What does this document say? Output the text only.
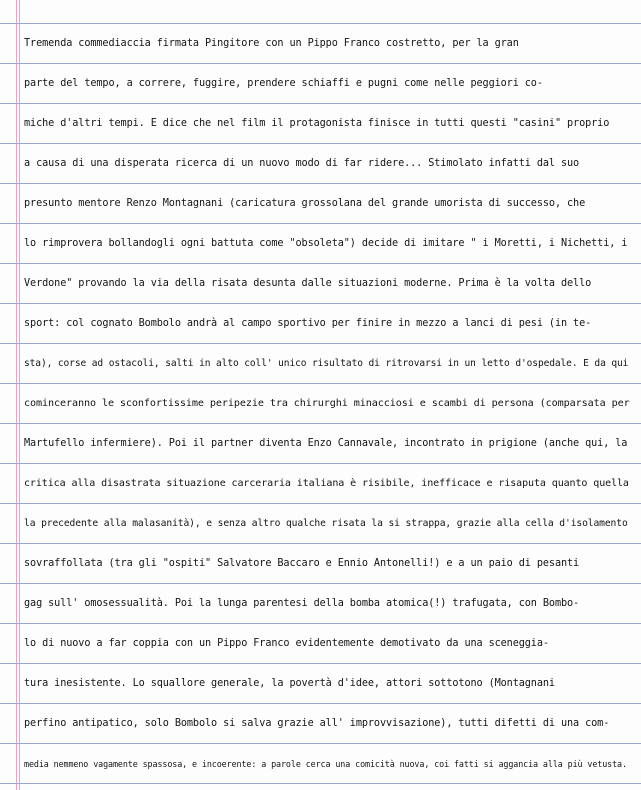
Tremenda commediaccia firmata Pingitore con un Pippo Franco costretto, per la gran
parte del tempo, a correre, fuggire, prendere schiaffi e pugni come nelle peggiori co-
miche d'altri tempi. E dice che nel film il protagonista finisce in tutti questi "casini" proprio
a causa di una disperata ricerca di un nuovo modo di far ridere... Stimolato infatti dal suo
presunto mentore Renzo Montagnani (caricatura grossolana del grande umorista di successo, che
lo rimprovera bollandogli ogni battuta come "obsoleta") decide di imitare " i Moretti, i Nichetti, i
Verdone" provando la via della risata desunta dalle situazioni moderne. Prima è la volta dello
sport: col cognato Bombolo andrà al campo sportivo per finire in mezzo a lanci di pesi (in te-
sta), corse ad ostacoli, salti in alto coll' unico risultato di ritrovarsi in un letto d'ospedale. E da qui
cominceranno le sconfortissime peripezie tra chirurghi minacciosi e scambi di persona (comparsata per
Martufello infermiere). Poi il partner diventa Enzo Cannavale, incontrato in prigione (anche qui, la
critica alla disastrata situazione carceraria italiana è risibile, inefficace e risaputa quanto quella
la precedente alla malasanità), e senza altro qualche risata la si strappa, grazie alla cella d'isolamento
sovraffollata (tra gli "ospiti" Salvatore Baccaro e Ennio Antonelli!) e a un paio di pesanti
gag sull' omosessualità. Poi la lunga parentesi della bomba atomica(!) trafugata, con Bombo-
lo di nuovo a far coppia con un Pippo Franco evidentemente demotivato da una sceneggia-
tura inesistente. Lo squallore generale, la povertà d'idee, attori sottotono (Montagnani
perfino antipatico, solo Bombolo si salva grazie all' improvvisazione), tutti difetti di una com-
media nemmeno vagamente spassosa, e incoerente: a parole cerca una comicità nuova, coi fatti si aggancia alla più vetusta.
